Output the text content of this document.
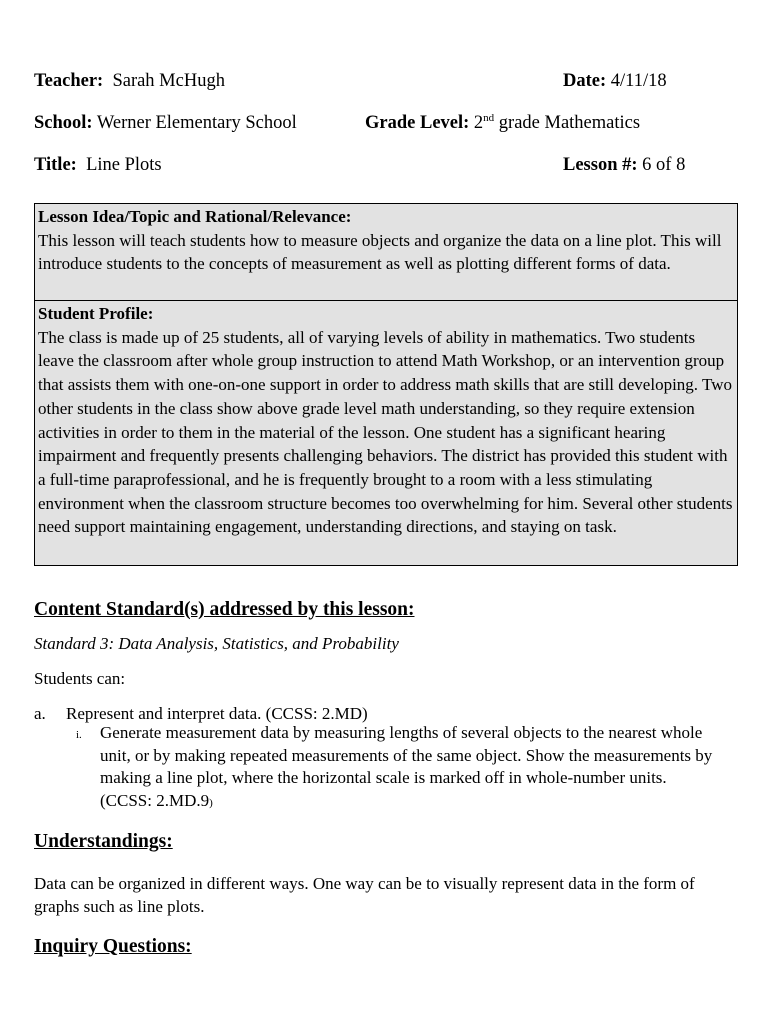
Teacher: Sarah McHugh	Date: 4/11/18
School: Werner Elementary School	Grade Level: 2nd grade Mathematics
Title: Line Plots	Lesson #: 6 of 8
Lesson Idea/Topic and Rational/Relevance:
This lesson will teach students how to measure objects and organize the data on a line plot. This will introduce students to the concepts of measurement as well as plotting different forms of data.
Student Profile:
The class is made up of 25 students, all of varying levels of ability in mathematics. Two students leave the classroom after whole group instruction to attend Math Workshop, or an intervention group that assists them with one-on-one support in order to address math skills that are still developing. Two other students in the class show above grade level math understanding, so they require extension activities in order to them in the material of the lesson. One student has a significant hearing impairment and frequently presents challenging behaviors. The district has provided this student with a full-time paraprofessional, and he is frequently brought to a room with a less stimulating environment when the classroom structure becomes too overwhelming for him. Several other students need support maintaining engagement, understanding directions, and staying on task.
Content Standard(s) addressed by this lesson:
Standard 3: Data Analysis, Statistics, and Probability
Students can:
a. Represent and interpret data. (CCSS: 2.MD)
i. Generate measurement data by measuring lengths of several objects to the nearest whole unit, or by making repeated measurements of the same object. Show the measurements by making a line plot, where the horizontal scale is marked off in whole-number units. (CCSS: 2.MD.9)
Understandings:
Data can be organized in different ways. One way can be to visually represent data in the form of graphs such as line plots.
Inquiry Questions:
